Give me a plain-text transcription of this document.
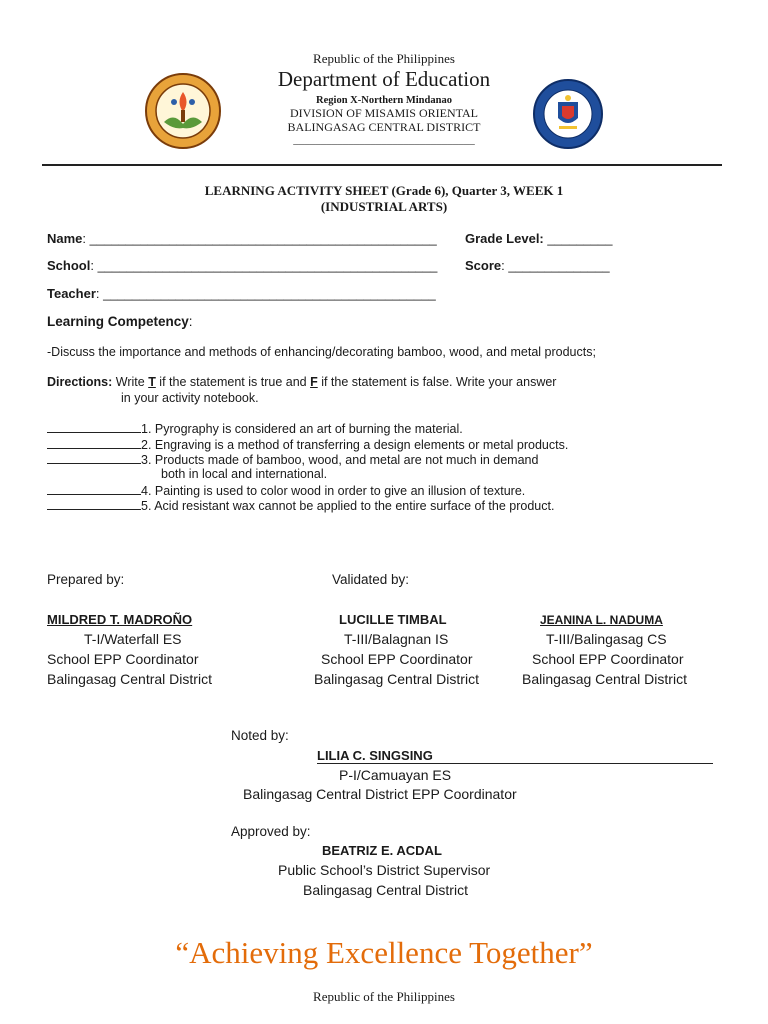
Republic of the Philippines
Department of Education
Region X-Northern Mindanao
DIVISION OF MISAMIS ORIENTAL
BALINGASAG CENTRAL DISTRICT
_________________________________
LEARNING ACTIVITY SHEET (Grade 6), Quarter 3, WEEK 1
(INDUSTRIAL ARTS)
Name: ________________________________________________ Grade Level: _________
School: _______________________________________________ Score: ______________
Teacher: ______________________________________________
Learning Competency:
-Discuss the importance and methods of enhancing/decorating bamboo, wood, and metal products;
Directions: Write T if the statement is true and F if the statement is false. Write your answer
in your activity notebook.
1. Pyrography is considered an art of burning the material.
2. Engraving is a method of transferring a design elements or metal products.
3. Products made of bamboo, wood, and metal are not much in demand
both in local and international.
4. Painting is used to color wood in order to give an illusion of texture.
5. Acid resistant wax cannot be applied to the entire surface of the product.
Prepared by:	Validated by:
MILDRED T. MADROÑO
T-I/Waterfall ES
School EPP Coordinator
Balingasag Central District
LUCILLE TIMBAL
T-III/Balagnan IS
School EPP Coordinator
Balingasag Central District
JEANINA L. NADUMA
T-III/Balingasag CS
School EPP Coordinator
Balingasag Central District
Noted by:
LILIA C. SINGSING
P-I/Camuayan ES
Balingasag Central District EPP Coordinator
Approved by:
BEATRIZ E. ACDAL
Public School’s District Supervisor
Balingasag Central District
“Achieving Excellence Together”
Republic of the Philippines
